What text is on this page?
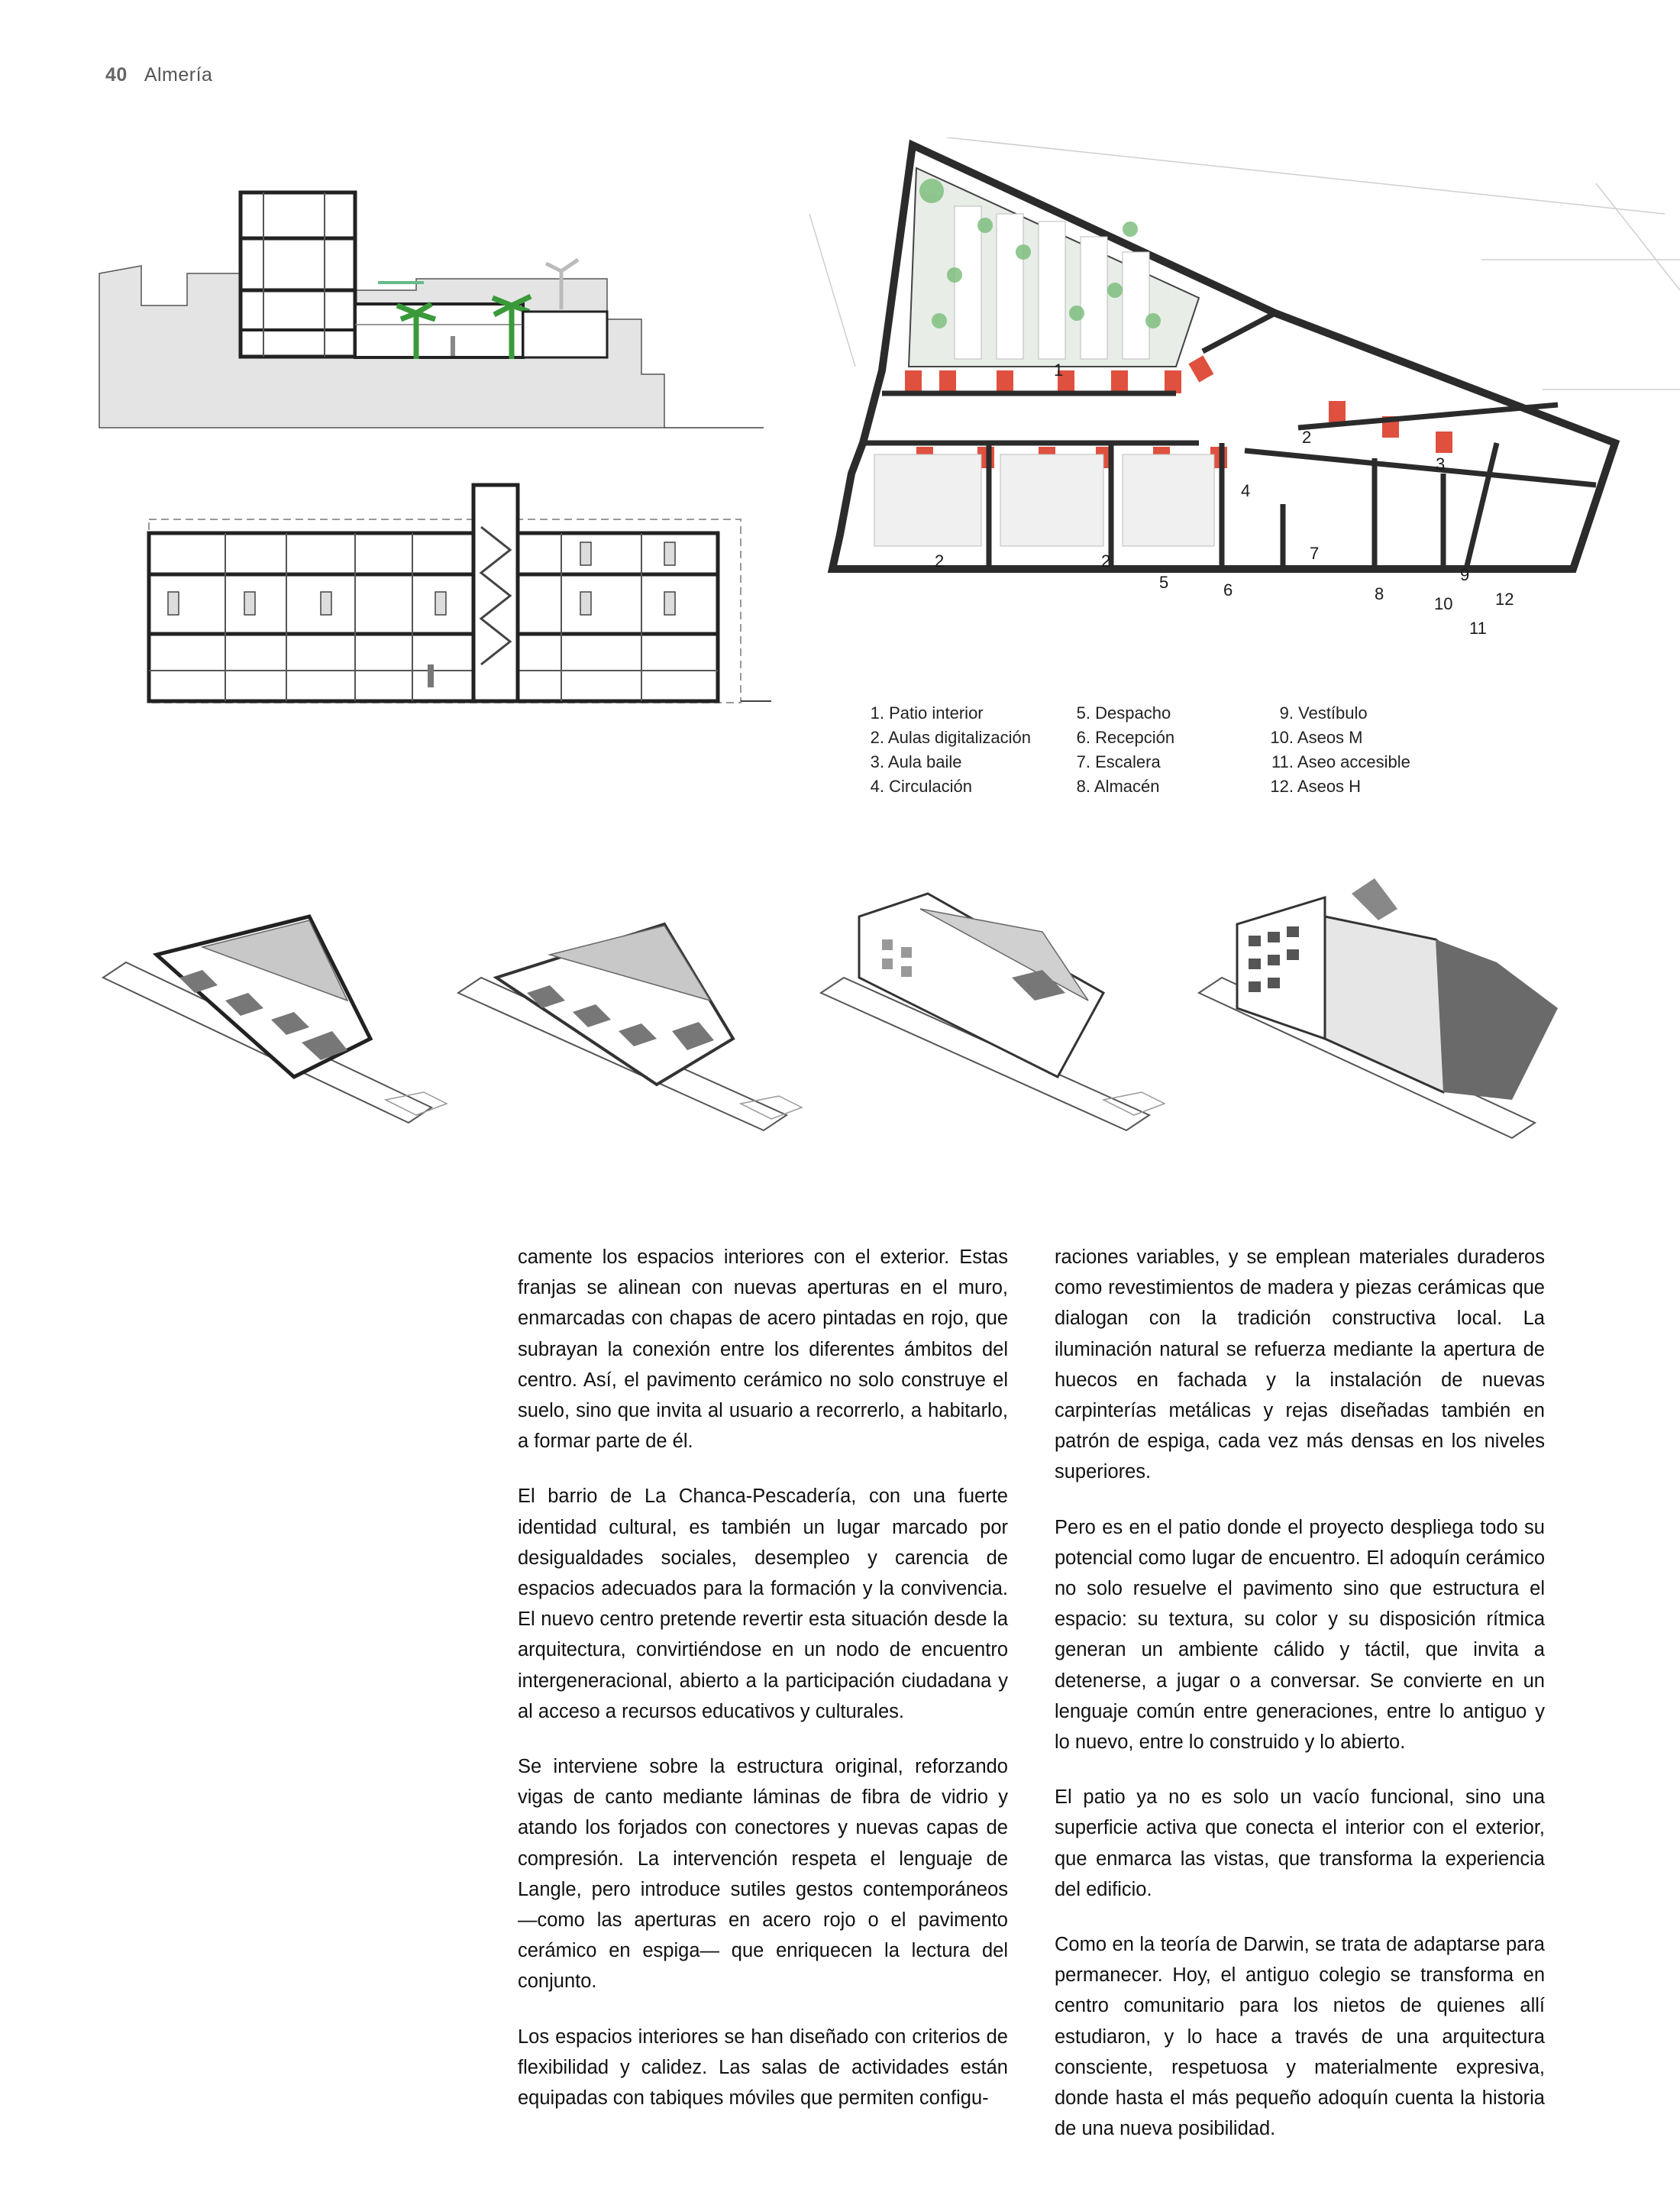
40 Almería
1
2
3
4
2	2
5	6
7
8
9
10
11
12
1. Patio interior
2. Aulas digitalización
3. Aula baile
4. Circulación
5. Despacho
6. Recepción
7. Escalera
8. Almacén
9. Vestíbulo
10. Aseos M
11. Aseo accesible
12. Aseos H

camente los espacios interiores con el exterior. Estas franjas se alinean con nuevas aperturas en el muro, enmarcadas con chapas de acero pintadas en rojo, que subrayan la conexión entre los diferentes ámbitos del centro. Así, el pavimento cerámico no solo construye el suelo, sino que invita al usuario a recorrerlo, a habitarlo, a formar parte de él.

El barrio de La Chanca-Pescadería, con una fuerte identidad cultural, es también un lugar marcado por desigualdades sociales, desempleo y carencia de espacios adecuados para la formación y la convivencia. El nuevo centro pretende revertir esta situación desde la arquitectura, convirtiéndose en un nodo de encuentro intergeneracional, abierto a la participación ciudadana y al acceso a recursos educativos y culturales.

Se interviene sobre la estructura original, reforzando vigas de canto mediante láminas de fibra de vidrio y atando los forjados con conectores y nuevas capas de compresión. La intervención respeta el lenguaje de Langle, pero introduce sutiles gestos contemporáneos —como las aperturas en acero rojo o el pavimento cerámico en espiga— que enriquecen la lectura del conjunto.

Los espacios interiores se han diseñado con criterios de flexibilidad y calidez. Las salas de actividades están equipadas con tabiques móviles que permiten configu-

raciones variables, y se emplean materiales duraderos como revestimientos de madera y piezas cerámicas que dialogan con la tradición constructiva local. La iluminación natural se refuerza mediante la apertura de huecos en fachada y la instalación de nuevas carpinterías metálicas y rejas diseñadas también en patrón de espiga, cada vez más densas en los niveles superiores.

Pero es en el patio donde el proyecto despliega todo su potencial como lugar de encuentro. El adoquín cerámico no solo resuelve el pavimento sino que estructura el espacio: su textura, su color y su disposición rítmica generan un ambiente cálido y táctil, que invita a detenerse, a jugar o a conversar. Se convierte en un lenguaje común entre generaciones, entre lo antiguo y lo nuevo, entre lo construido y lo abierto.

El patio ya no es solo un vacío funcional, sino una superficie activa que conecta el interior con el exterior, que enmarca las vistas, que transforma la experiencia del edificio.

Como en la teoría de Darwin, se trata de adaptarse para permanecer. Hoy, el antiguo colegio se transforma en centro comunitario para los nietos de quienes allí estudiaron, y lo hace a través de una arquitectura consciente, respetuosa y materialmente expresiva, donde hasta el más pequeño adoquín cuenta la historia de una nueva posibilidad.
